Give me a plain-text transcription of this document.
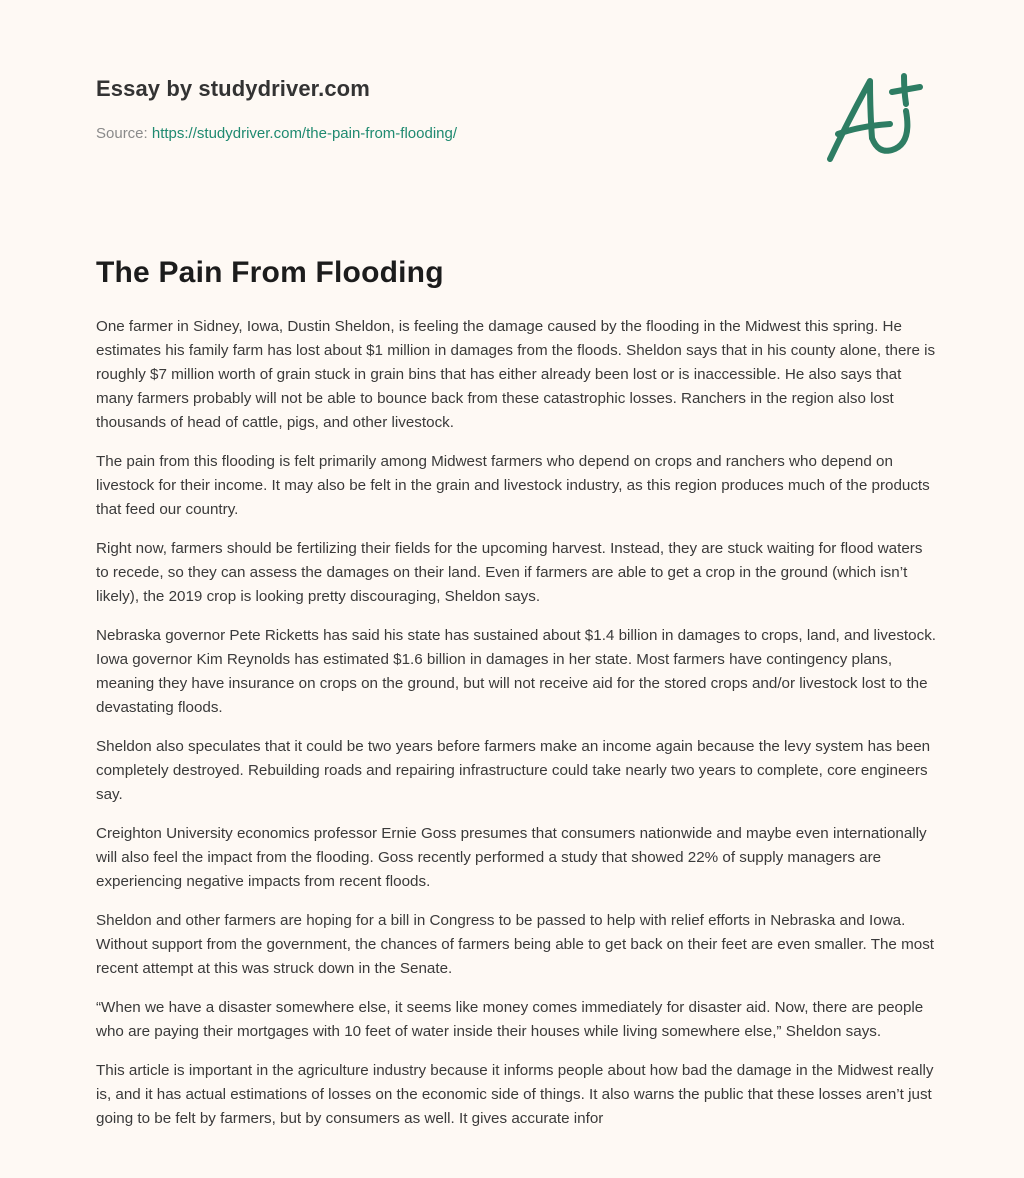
Essay by studydriver.com
Source: https://studydriver.com/the-pain-from-flooding/
The Pain From Flooding

One farmer in Sidney, Iowa, Dustin Sheldon, is feeling the damage caused by the flooding in the Midwest this spring. He estimates his family farm has lost about $1 million in damages from the floods. Sheldon says that in his county alone, there is roughly $7 million worth of grain stuck in grain bins that has either already been lost or is inaccessible. He also says that many farmers probably will not be able to bounce back from these catastrophic losses. Ranchers in the region also lost thousands of head of cattle, pigs, and other livestock.

The pain from this flooding is felt primarily among Midwest farmers who depend on crops and ranchers who depend on livestock for their income. It may also be felt in the grain and livestock industry, as this region produces much of the products that feed our country.

Right now, farmers should be fertilizing their fields for the upcoming harvest. Instead, they are stuck waiting for flood waters to recede, so they can assess the damages on their land. Even if farmers are able to get a crop in the ground (which isn’t likely), the 2019 crop is looking pretty discouraging, Sheldon says.

Nebraska governor Pete Ricketts has said his state has sustained about $1.4 billion in damages to crops, land, and livestock. Iowa governor Kim Reynolds has estimated $1.6 billion in damages in her state. Most farmers have contingency plans, meaning they have insurance on crops on the ground, but will not receive aid for the stored crops and/or livestock lost to the devastating floods.

Sheldon also speculates that it could be two years before farmers make an income again because the levy system has been completely destroyed. Rebuilding roads and repairing infrastructure could take nearly two years to complete, core engineers say.

Creighton University economics professor Ernie Goss presumes that consumers nationwide and maybe even internationally will also feel the impact from the flooding. Goss recently performed a study that showed 22% of supply managers are experiencing negative impacts from recent floods.

Sheldon and other farmers are hoping for a bill in Congress to be passed to help with relief efforts in Nebraska and Iowa. Without support from the government, the chances of farmers being able to get back on their feet are even smaller. The most recent attempt at this was struck down in the Senate.

“When we have a disaster somewhere else, it seems like money comes immediately for disaster aid. Now, there are people who are paying their mortgages with 10 feet of water inside their houses while living somewhere else,” Sheldon says.

This article is important in the agriculture industry because it informs people about how bad the damage in the Midwest really is, and it has actual estimations of losses on the economic side of things. It also warns the public that these losses aren’t just going to be felt by farmers, but by consumers as well. It gives accurate infor
